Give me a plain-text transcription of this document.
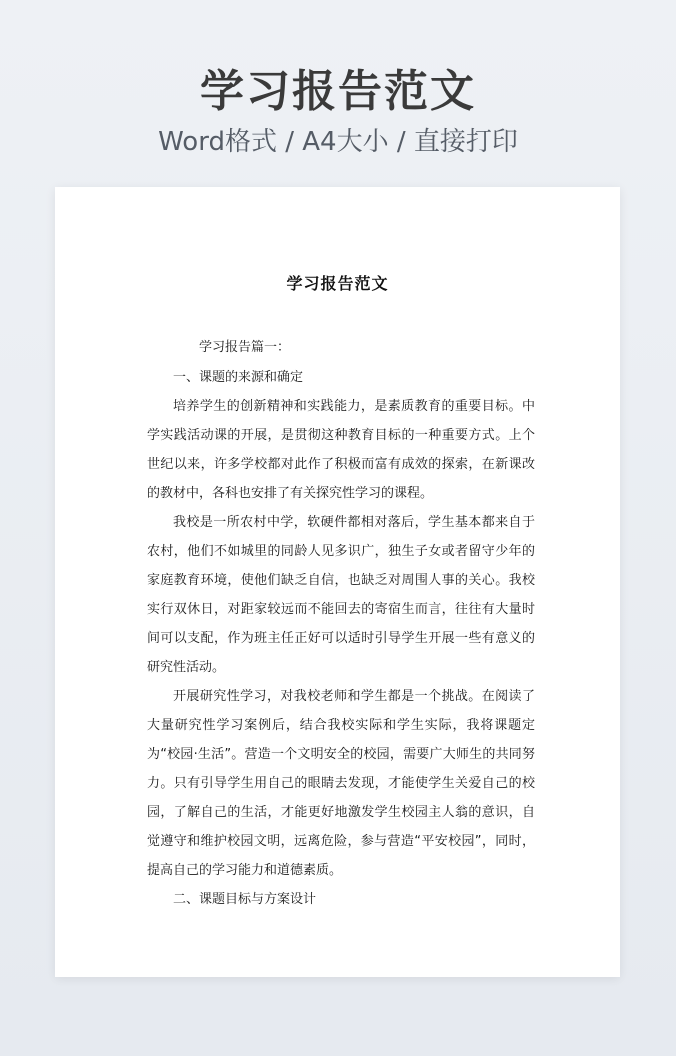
学习报告范文
Word格式 / A4大小 / 直接打印
学习报告范文

学习报告篇一：

一、课题的来源和确定

培养学生的创新精神和实践能力，是素质教育的重要目标。中学实践活动课的开展，是贯彻这种教育目标的一种重要方式。上个世纪以来，许多学校都对此作了积极而富有成效的探索，在新课改的教材中，各科也安排了有关探究性学习的课程。

我校是一所农村中学，软硬件都相对落后，学生基本都来自于农村，他们不如城里的同龄人见多识广，独生子女或者留守少年的家庭教育环境，使他们缺乏自信，也缺乏对周围人事的关心。我校实行双休日，对距家较远而不能回去的寄宿生而言，往往有大量时间可以支配，作为班主任正好可以适时引导学生开展一些有意义的研究性活动。

开展研究性学习，对我校老师和学生都是一个挑战。在阅读了大量研究性学习案例后，结合我校实际和学生实际，我将课题定为“校园·生活”。营造一个文明安全的校园，需要广大师生的共同努力。只有引导学生用自己的眼睛去发现，才能使学生关爱自己的校园，了解自己的生活，才能更好地激发学生校园主人翁的意识，自觉遵守和维护校园文明，远离危险，参与营造“平安校园”，同时，提高自己的学习能力和道德素质。

二、课题目标与方案设计
